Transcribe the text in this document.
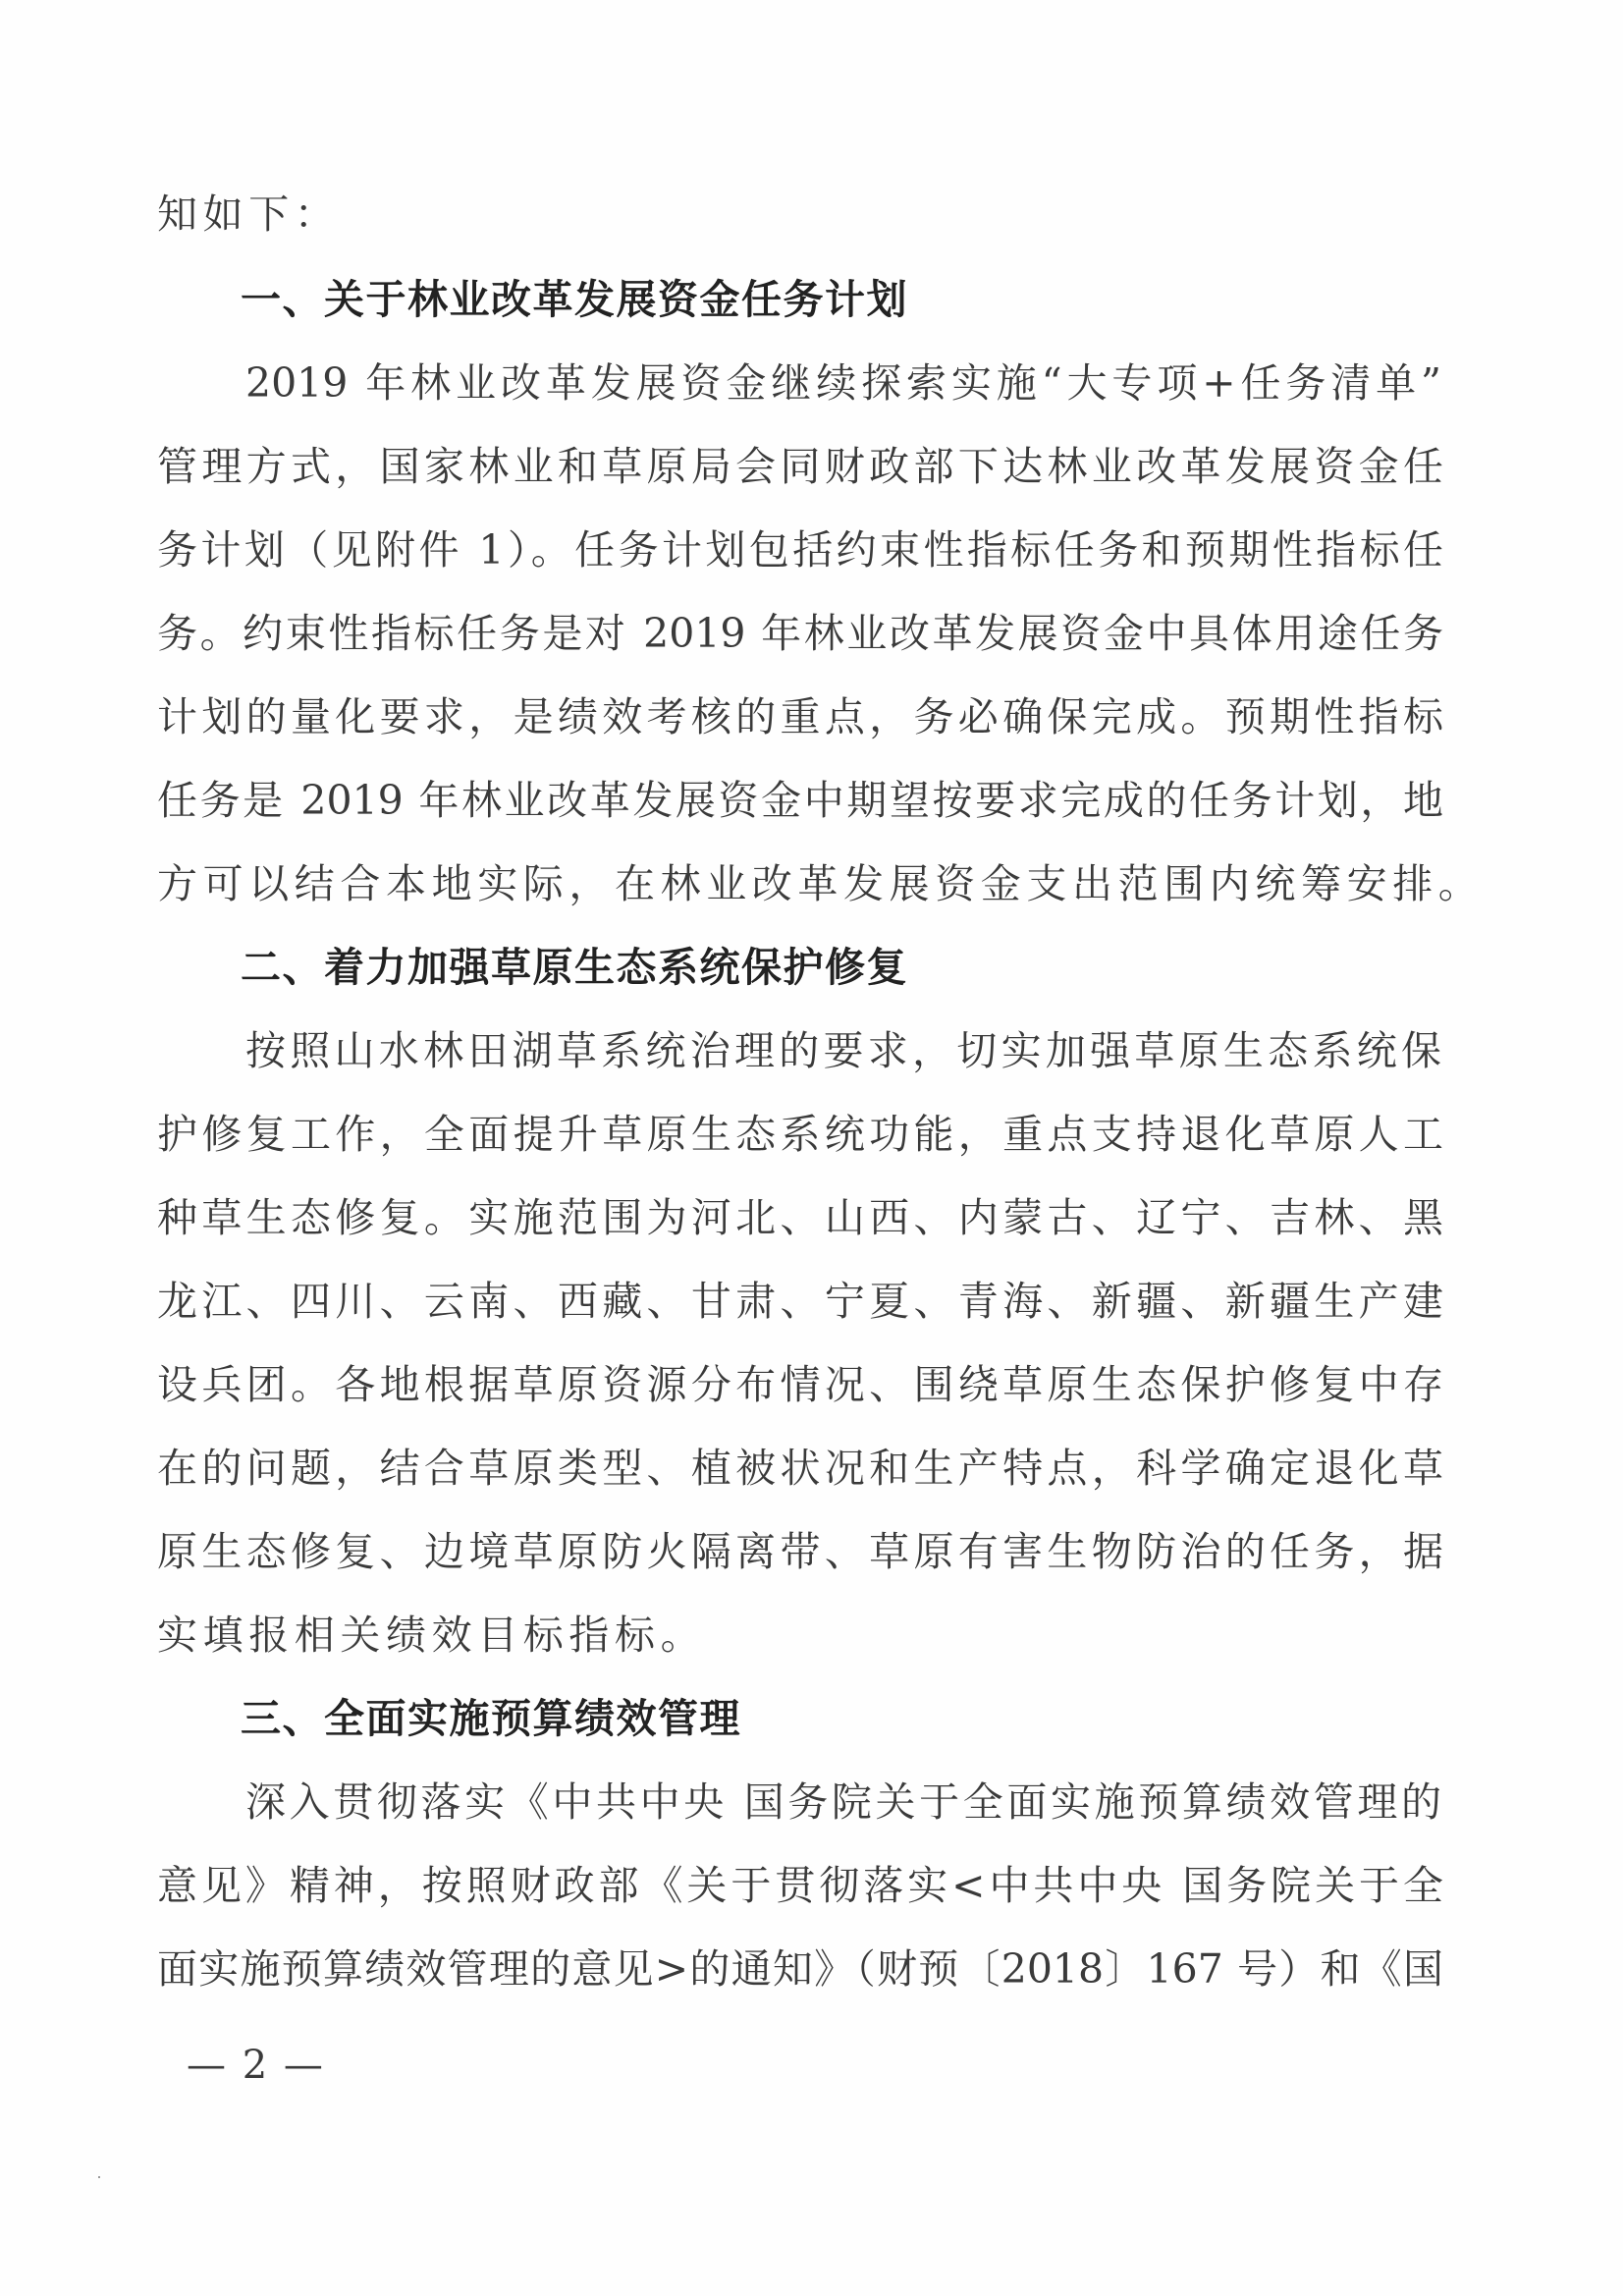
知如下：
一、关于林业改革发展资金任务计划
2019 年林业改革发展资金继续探索实施“大专项+任务清单”
管理方式，国家林业和草原局会同财政部下达林业改革发展资金任
务计划（见附件 1）。任务计划包括约束性指标任务和预期性指标任
务。约束性指标任务是对 2019 年林业改革发展资金中具体用途任务
计划的量化要求，是绩效考核的重点，务必确保完成。预期性指标
任务是 2019 年林业改革发展资金中期望按要求完成的任务计划，地
方可以结合本地实际，在林业改革发展资金支出范围内统筹安排。
二、着力加强草原生态系统保护修复
按照山水林田湖草系统治理的要求，切实加强草原生态系统保
护修复工作，全面提升草原生态系统功能，重点支持退化草原人工
种草生态修复。实施范围为河北、山西、内蒙古、辽宁、吉林、黑
龙江、四川、云南、西藏、甘肃、宁夏、青海、新疆、新疆生产建
设兵团。各地根据草原资源分布情况、围绕草原生态保护修复中存
在的问题，结合草原类型、植被状况和生产特点，科学确定退化草
原生态修复、边境草原防火隔离带、草原有害生物防治的任务，据
实填报相关绩效目标指标。
三、全面实施预算绩效管理
深入贯彻落实《中共中央 国务院关于全面实施预算绩效管理的
意见》精神，按照财政部《关于贯彻落实<中共中央 国务院关于全
面实施预算绩效管理的意见>的通知》（财预〔2018〕167 号）和《国
— 2 —
